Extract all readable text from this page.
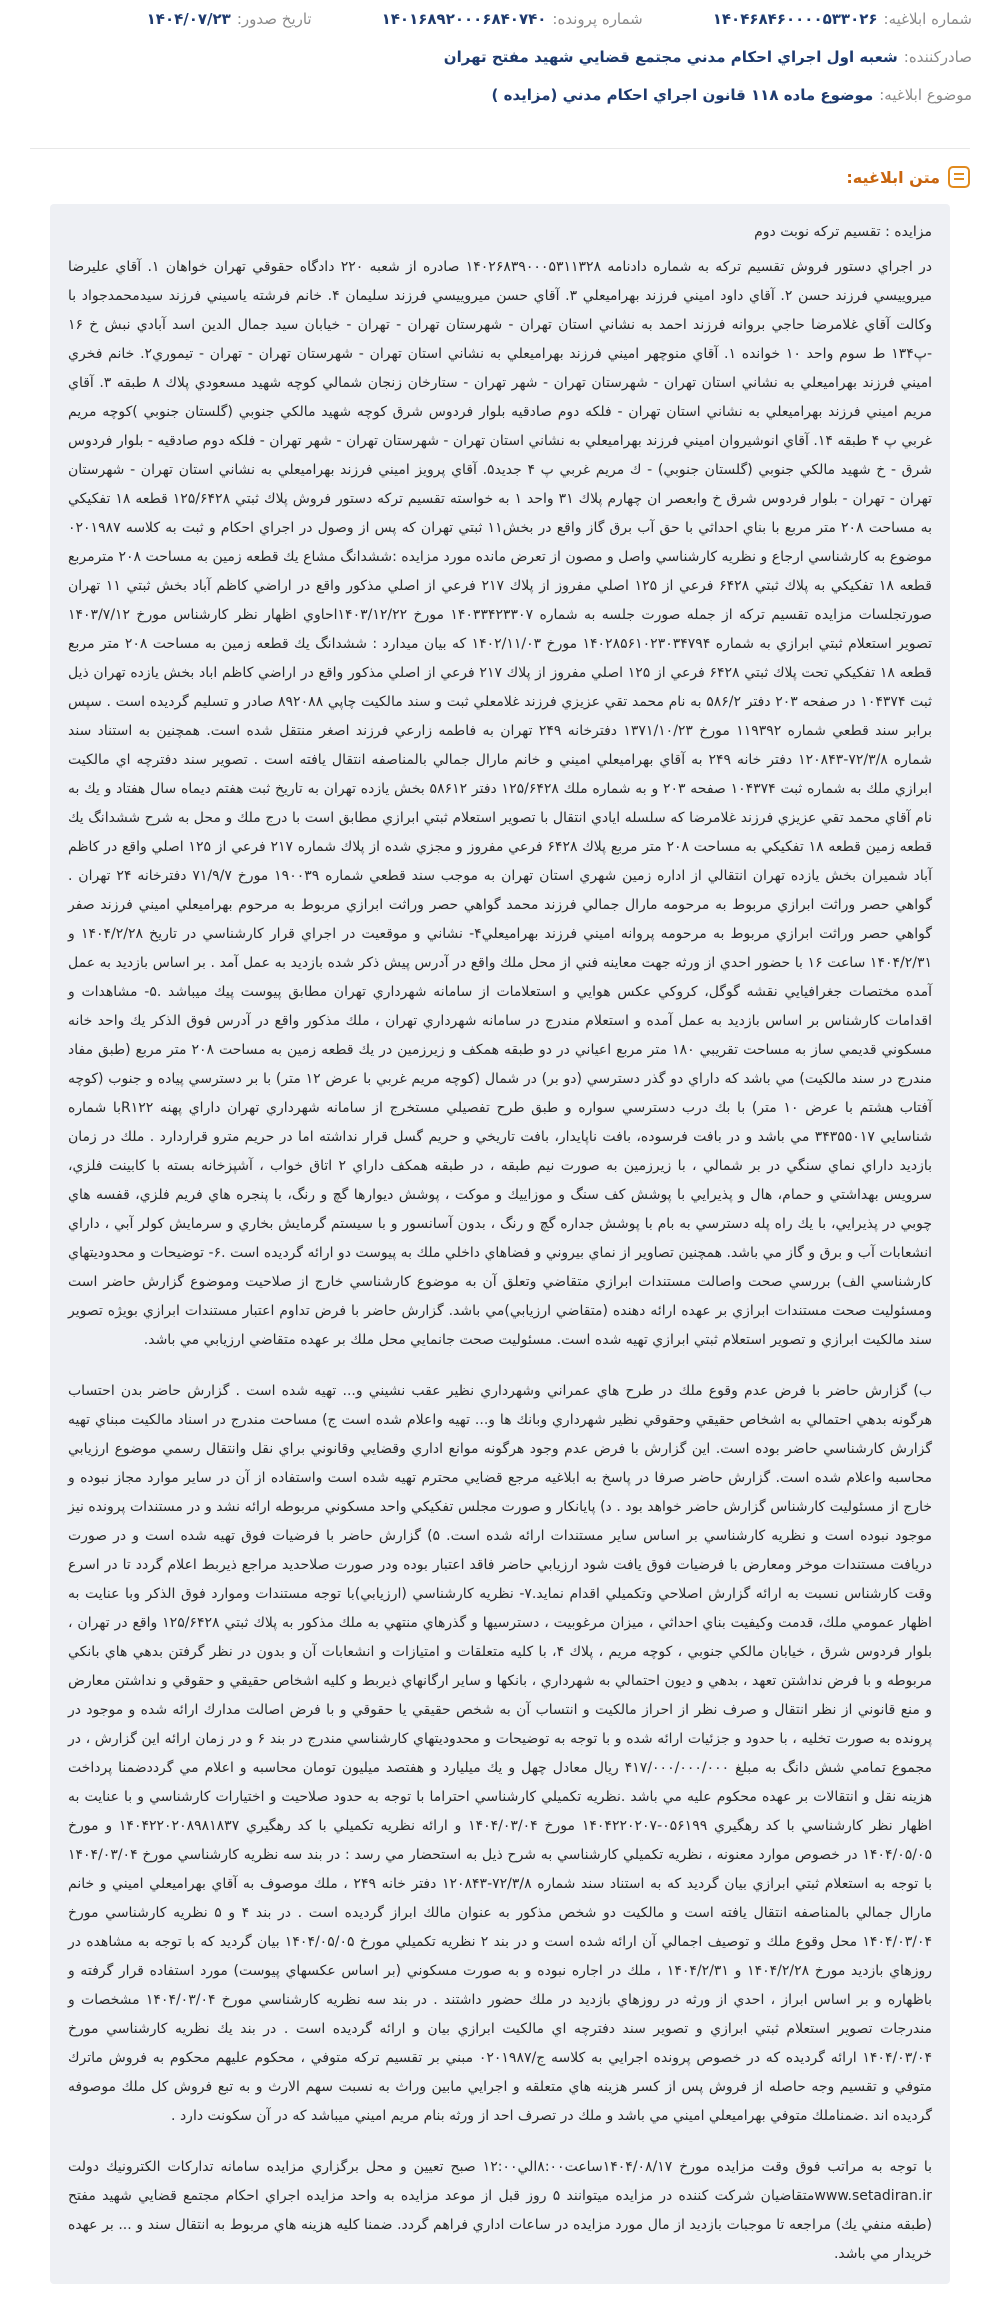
شماره ابلاغیه:
۱۴۰۴۶۸۴۶۰۰۰۰۵۳۳۰۲۶
شماره پرونده:
۱۴۰۱۶۸۹۲۰۰۰۶۸۴۰۷۴۰
تاریخ صدور:
۱۴۰۴/۰۷/۲۳
صادرکننده:
شعبه اول اجراي احكام مدني مجتمع قضايي شهيد مفتح تهران
موضوع ابلاغیه:
موضوع ماده ۱۱۸ قانون اجراي احكام مدني (مزايده )
متن ابلاغیه:

مزايده : تقسيم تركه نوبت دوم

در اجراي دستور فروش تقسيم تركه به شماره دادنامه ۱۴۰۲۶۸۳۹۰۰۰۵۳۱۱۳۲۸ صادره از شعبه ۲۲۰ دادگاه حقوقي تهران خواهان ۱. آقاي عليرضا ميروييسي فرزند حسن ۲. آقاي داود اميني فرزند بهراميعلي ۳. آقاي حسن ميروييسي فرزند سليمان ۴. خانم فرشته ياسيني فرزند سيدمحمدجواد با وكالت آقاي غلامرضا حاجي بروانه فرزند احمد به نشاني استان تهران - شهرستان تهران - تهران - خيابان سيد جمال الدين اسد آبادي نبش خ ۱۶ -پ۱۳۴ ط سوم واحد ۱۰ خوانده ۱. آقاي منوچهر اميني فرزند بهراميعلي به نشاني استان تهران - شهرستان تهران - تهران - تيموري۲. خانم فخري اميني فرزند بهراميعلي به نشاني استان تهران - شهرستان تهران - شهر تهران - ستارخان زنجان شمالي كوچه شهيد مسعودي پلاك ۸ طبقه ۳. آقاي مريم اميني فرزند بهراميعلي به نشاني استان تهران - فلكه دوم صادقيه بلوار فردوس شرق كوچه شهيد مالكي جنوبي (گلستان جنوبي )كوچه مريم غربي پ ۴ طبقه ۱۴. آقاي انوشيروان اميني فرزند بهراميعلي به نشاني استان تهران - شهرستان تهران - شهر تهران - فلكه دوم صادقيه - بلوار فردوس شرق - خ شهيد مالكي جنوبي (گلستان جنوبي) - ك مريم غربي پ ۴ جديد۵. آقاي پرويز اميني فرزند بهراميعلي به نشاني استان تهران - شهرستان تهران - تهران - بلوار فردوس شرق خ وابعصر ان چهارم پلاك ۳۱ واحد ۱ به خواسته تقسيم تركه دستور فروش پلاك ثبتي ۱۲۵/۶۴۲۸ قطعه ۱۸ تفكيكي به مساحت ۲۰۸ متر مربع با بناي احداثي با حق آب برق گاز واقع در بخش۱۱ ثبتي تهران كه پس از وصول در اجراي احكام و ثبت به كلاسه ۰۲۰۱۹۸۷ موضوع به كارشناسي ارجاع و نظريه كارشناسي واصل و مصون از تعرض مانده مورد مزايده :ششدانگ مشاع يك قطعه زمين به مساحت ۲۰۸ مترمربع قطعه ۱۸ تفكيكي به پلاك ثبتي ۶۴۲۸ فرعي از ۱۲۵ اصلي مفروز از پلاك ۲۱۷ فرعي از اصلي مذكور واقع در اراضي كاظم آباد بخش ثبتي ۱۱ تهران صورتجلسات مزايده تقسيم تركه از جمله صورت جلسه به شماره ۱۴۰۳۳۴۲۳۳۰۷ مورخ ۱۴۰۳/۱۲/۲۲احاوي اظهار نظر كارشناس مورخ ۱۴۰۳/۷/۱۲ تصوير استعلام ثبتي ابرازي به شماره ۱۴۰۲۸۵۶۱۰۲۳۰۳۴۷۹۴ مورخ ۱۴۰۲/۱۱/۰۳ كه بيان ميدارد : ششدانگ يك قطعه زمين به مساحت ۲۰۸ متر مربع قطعه ۱۸ تفكيكي تحت پلاك ثبتي ۶۴۲۸ فرعي از ۱۲۵ اصلي مفروز از پلاك ۲۱۷ فرعي از اصلي مذكور واقع در اراضي كاظم اباد بخش يازده تهران ذيل ثبت ۱۰۴۳۷۴ در صفحه ۲۰۳ دفتر ۵۸۶/۲ به نام محمد تقي عزيزي فرزند غلامعلي ثبت و سند مالكيت چاپي ۸۹۲۰۸۸ صادر و تسليم گرديده است . سپس برابر سند قطعي شماره ۱۱۹۳۹۲ مورخ ۱۳۷۱/۱۰/۲۳ دفترخانه ۲۴۹ تهران به فاطمه زارعي فرزند اصغر منتقل شده است. همچنين به استناد سند شماره ۷۲/۳/۸-۱۲۰۸۴۳ دفتر خانه ۲۴۹ به آقاي بهراميعلي اميني و خانم مارال جمالي بالمناصفه انتقال يافته است . تصوير سند دفترچه اي مالكيت ابرازي ملك به شماره ثبت ۱۰۴۳۷۴ صفحه ۲۰۳ و به شماره ملك ۱۲۵/۶۴۲۸ دفتر ۵۸۶۱۲ بخش يازده تهران به تاريخ ثبت هفتم ديماه سال هفتاد و يك به نام آقاي محمد تقي عزيزي فرزند غلامرضا كه سلسله ايادي انتقال با تصوير استعلام ثبتي ابرازي مطابق است با درج ملك و محل به شرح ششدانگ يك قطعه زمين قطعه ۱۸ تفكيكي به مساحت ۲۰۸ متر مربع پلاك ۶۴۲۸ فرعي مفروز و مجزي شده از پلاك شماره ۲۱۷ فرعي از ۱۲۵ اصلي واقع در كاظم آباد شميران بخش يازده تهران انتقالي از اداره زمين شهري استان تهران به موجب سند قطعي شماره ۱۹۰۰۳۹ مورخ ۷۱/۹/۷ دفترخانه ۲۴ تهران . گواهي حصر وراثت ابرازي مربوط به مرحومه مارال جمالي فرزند محمد گواهي حصر وراثت ابرازي مربوط به مرحوم بهراميعلي اميني فرزند صفر گواهي حصر وراثت ابرازي مربوط به مرحومه پروانه اميني فرزند بهراميعلي۴- نشاني و موقعيت در اجراي قرار كارشناسي در تاريخ ۱۴۰۴/۲/۲۸ و ۱۴۰۴/۲/۳۱ ساعت ۱۶ با حضور احدي از ورثه جهت معاينه فني از محل ملك واقع در آدرس پيش ذكر شده بازديد به عمل آمد . بر اساس بازديد به عمل آمده مختصات جغرافيايي نقشه گوگل، كروكي عكس هوايي و استعلامات از سامانه شهرداري تهران مطابق پيوست پيك ميباشد .۵- مشاهدات و اقدامات كارشناس بر اساس بازديد به عمل آمده و استعلام مندرج در سامانه شهرداري تهران ، ملك مذكور واقع در آدرس فوق الذكر يك واحد خانه مسكوني قديمي ساز به مساحت تقريبي ۱۸۰ متر مربع اعياني در دو طبقه همكف و زيرزمين در يك قطعه زمين به مساحت ۲۰۸ متر مربع (طبق مفاد مندرج در سند مالكيت) مي باشد كه داراي دو گذر دسترسي (دو بر) در شمال (كوچه مريم غربي با عرض ۱۲ متر) با بر دسترسي پياده و جنوب (كوچه آفتاب هشتم با عرض ۱۰ متر) با بك درب دسترسي سواره و طبق طرح تفصيلي مستخرج از سامانه شهرداري تهران داراي پهنه R۱۲۲با شماره شناسايي ۳۴۳۵۵۰۱۷ مي باشد و در بافت فرسوده، بافت ناپايدار، بافت تاريخي و حريم گسل قرار نداشته اما در حريم مترو قراردارد . ملك در زمان بازديد داراي نماي سنگي در بر شمالي ، با زيرزمين به صورت نيم طبقه ، در طبقه همكف داراي ۲ اتاق خواب ، آشپزخانه بسته با كابينت فلزي، سرويس بهداشتي و حمام، هال و پذيرايي با پوشش كف سنگ و موزاييك و موكت ، پوشش ديوارها گچ و رنگ، با پنجره هاي فريم فلزي، قفسه هاي چوبي در پذيرايي، با يك راه پله دسترسي به بام با پوشش جداره گچ و رنگ ، بدون آسانسور و با سيستم گرمايش بخاري و سرمايش كولر آبي ، داراي انشعابات آب و برق و گاز مي باشد. همچنين تصاوير از نماي بيروني و فضاهاي داخلي ملك به پيوست دو ارائه گرديده است .۶- توضيحات و محدوديتهاي كارشناسي الف) بررسي صحت واصالت مستندات ابرازي متقاضي وتعلق آن به موضوع كارشناسي خارج از صلاحيت وموضوع گزارش حاضر است ومسئوليت صحت مستندات ابرازي بر عهده ارائه دهنده (متقاضي ارزيابي)مي باشد. گزارش حاضر با فرض تداوم اعتبار مستندات ابرازي بويژه تصوير سند مالكيت ابرازي و تصوير استعلام ثبتي ابرازي تهيه شده است. مسئوليت صحت جانمايي محل ملك بر عهده متقاضي ارزيابي مي باشد.

ب) گزارش حاضر با فرض عدم وقوع ملك در طرح هاي عمراني وشهرداري نظير عقب نشيني و... تهيه شده است . گزارش حاضر بدن احتساب هرگونه بدهي احتمالي به اشخاص حقيقي وحقوقي نظير شهرداري وبانك ها و... تهيه واعلام شده است ج) مساحت مندرج در اسناد مالكيت مبناي تهيه گزارش كارشناسي حاضر بوده است. اين گزارش با فرض عدم وجود هرگونه موانع اداري وقضايي وقانوني براي نقل وانتقال رسمي موضوع ارزيابي محاسبه واعلام شده است. گزارش حاضر صرفا در پاسخ به ابلاغيه مرجع قضايي محترم تهيه شده است واستفاده از آن در ساير موارد مجاز نبوده و خارج از مسئوليت كارشناس گزارش حاضر خواهد بود . د) پايانكار و صورت مجلس تفكيكي واحد مسكوني مربوطه ارائه نشد و در مستندات پرونده نيز موجود نبوده است و نظريه كارشناسي بر اساس ساير مستندات ارائه شده است. ۵) گزارش حاضر با فرضيات فوق تهيه شده است و در صورت دريافت مستندات موخر ومعارض با فرضيات فوق يافت شود ارزيابي حاضر فاقد اعتبار بوده ودر صورت صلاحديد مراجع ذيربط اعلام گردد تا در اسرع وقت كارشناس نسبت به ارائه گزارش اصلاحي وتكميلي اقدام نمايد.۷- نظريه كارشناسي (ارزيابي)با توجه مستندات وموارد فوق الذكر وبا عنايت به اظهار عمومي ملك، قدمت وكيفيت بناي احداثي ، ميزان مرغوبيت ، دسترسيها و گذرهاي منتهي به ملك مذكور به پلاك ثبتي ۱۲۵/۶۴۲۸ واقع در تهران ، بلوار فردوس شرق ، خيابان مالكي جنوبي ، كوچه مريم ، پلاك ۴، با كليه متعلقات و امتيازات و انشعابات آن و بدون در نظر گرفتن بدهي هاي بانكي مربوطه و با فرض نداشتن تعهد ، بدهي و ديون احتمالي به شهرداري ، بانكها و ساير ارگانهاي ذيربط و كليه اشخاص حقيقي و حقوقي و نداشتن معارض و منع قانوني از نظر انتقال و صرف نظر از احراز مالكيت و انتساب آن به شخص حقيقي يا حقوقي و با فرض اصالت مدارك ارائه شده و موجود در پرونده به صورت تخليه ، با حدود و جزئيات ارائه شده و با توجه به توضيحات و محدوديتهاي كارشناسي مندرج در بند ۶ و در زمان ارائه اين گزارش ، در مجموع تمامي شش دانگ به مبلغ ۴۱۷/۰۰۰/۰۰۰/۰۰۰ ريال معادل چهل و يك ميليارد و هفتصد ميليون تومان محاسبه و اعلام مي گرددضمنا پرداخت هزينه نقل و انتقالات بر عهده محكوم عليه مي باشد .نظريه تكميلي كارشناسي احتراما با توجه به حدود صلاحيت و اختيارات كارشناسي و با عنايت به اظهار نظر كارشناسي با كد رهگيري ۰۵۶۱۹۹-۱۴۰۴۲۲۰۲۰۷ مورخ ۱۴۰۴/۰۳/۰۴ و ارائه نظريه تكميلي با كد رهگيري ۱۴۰۴۲۲۰۲۰۸۹۸۱۸۳۷ و مورخ ۱۴۰۴/۰۵/۰۵ در خصوص موارد معنونه ، نظريه تكميلي كارشناسي به شرح ذيل به استحضار مي رسد : در بند سه نظريه كارشناسي مورخ ۱۴۰۴/۰۳/۰۴ با توجه به استعلام ثبتي ابرازي بيان گرديد كه به استناد سند شماره ۷۲/۳/۸-۱۲۰۸۴۳ دفتر خانه ۲۴۹ ، ملك موصوف به آقاي بهراميعلي اميني و خانم مارال جمالي بالمناصفه انتقال يافته است و مالكيت دو شخص مذكور به عنوان مالك ابراز گرديده است . در بند ۴ و ۵ نظريه كارشناسي مورخ ۱۴۰۴/۰۳/۰۴ محل وقوع ملك و توصيف اجمالي آن ارائه شده است و در بند ۲ نظريه تكميلي مورخ ۱۴۰۴/۰۵/۰۵ بيان گرديد كه با توجه به مشاهده در روزهاي بازديد مورخ ۱۴۰۴/۲/۲۸ و ۱۴۰۴/۲/۳۱ ، ملك در اجاره نبوده و به صورت مسكوني (بر اساس عكسهاي پيوست) مورد استفاده قرار گرفته و باظهاره و بر اساس ابراز ، احدي از ورثه در روزهاي بازديد در ملك حضور داشتند . در بند سه نظريه كارشناسي مورخ ۱۴۰۴/۰۳/۰۴ مشخصات و مندرجات تصوير استعلام ثبتي ابرازي و تصوير سند دفترچه اي مالكيت ابرازي بيان و ارائه گرديده است . در بند يك نظريه كارشناسي مورخ ۱۴۰۴/۰۳/۰۴ ارائه گرديده كه در خصوص پرونده اجرايي به كلاسه ج/۰۲۰۱۹۸۷ مبني بر تقسيم تركه متوفي ، محكوم عليهم محكوم به فروش ماترك متوفي و تقسيم وجه حاصله از فروش پس از كسر هزينه هاي متعلقه و اجرايي مابين وراث به نسبت سهم الارث و به تبع فروش كل ملك موصوفه گرديده اند .ضمناملك متوفي بهراميعلي اميني مي باشد و ملك در تصرف احد از ورثه بنام مريم اميني ميباشد كه در آن سكونت دارد .

با توجه به مراتب فوق وقت مزايده مورخ ۱۴۰۴/۰۸/۱۷ساعت۸:۰۰الي۱۲:۰۰ صبح تعيين و محل برگزاري مزايده سامانه تداركات الكترونيك دولت www.setadiran.irمتقاضيان شركت كننده در مزايده ميتوانند ۵ روز قبل از موعد مزايده به واحد مزايده اجراي احكام مجتمع قضايي شهيد مفتح (طبقه منفي يك) مراجعه تا موجبات بازديد از مال مورد مزايده در ساعات اداري فراهم گردد. ضمنا كليه هزينه هاي مربوط به انتقال سند و ... بر عهده خريدار مي باشد.
